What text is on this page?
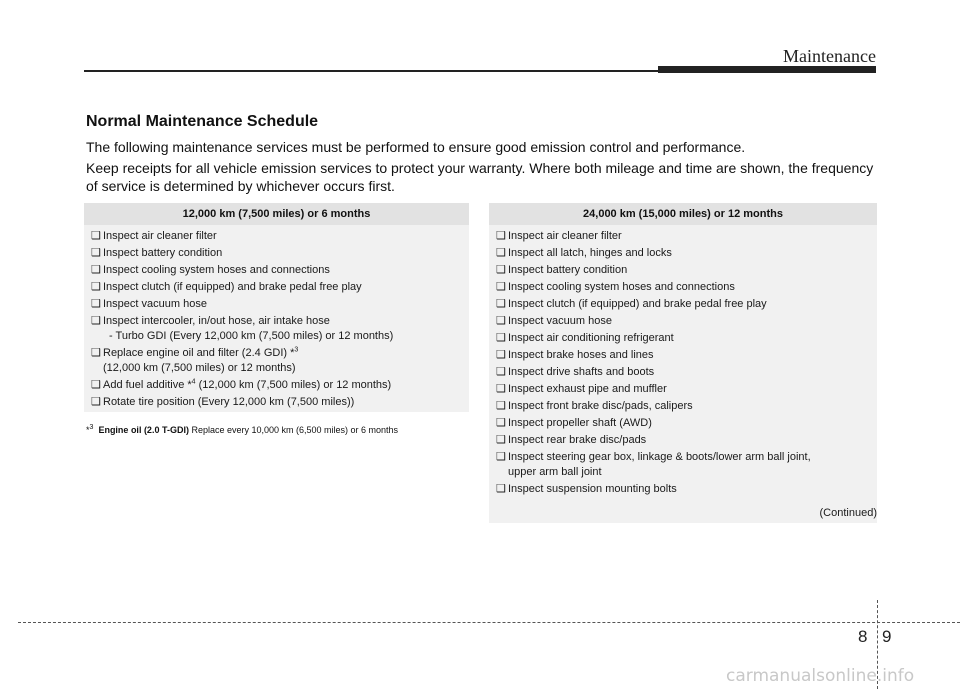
Maintenance
Normal Maintenance Schedule
The following maintenance services must be performed to ensure good emission control and performance.
Keep receipts for all vehicle emission services to protect your warranty. Where both mileage and time are shown, the frequency of service is determined by whichever occurs first.
12,000 km (7,500 miles) or 6 months
❑ Inspect air cleaner filter
❑ Inspect battery condition
❑ Inspect cooling system hoses and connections
❑ Inspect clutch (if equipped) and brake pedal free play
❑ Inspect vacuum hose
❑ Inspect intercooler, in/out hose, air intake hose
- Turbo GDI (Every 12,000 km (7,500 miles) or 12 months)
❑ Replace engine oil and filter (2.4 GDI) *$^3$
(12,000 km (7,500 miles) or 12 months)
❑ Add fuel additive *$^4$ (12,000 km (7,500 miles) or 12 months)
❑ Rotate tire position (Every 12,000 km (7,500 miles))
*$^3$ Engine oil (2.0 T-GDI) Replace every 10,000 km (6,500 miles) or 6 months
24,000 km (15,000 miles) or 12 months
❑ Inspect air cleaner filter
❑ Inspect all latch, hinges and locks
❑ Inspect battery condition
❑ Inspect cooling system hoses and connections
❑ Inspect clutch (if equipped) and brake pedal free play
❑ Inspect vacuum hose
❑ Inspect air conditioning refrigerant
❑ Inspect brake hoses and lines
❑ Inspect drive shafts and boots
❑ Inspect exhaust pipe and muffler
❑ Inspect front brake disc/pads, calipers
❑ Inspect propeller shaft (AWD)
❑ Inspect rear brake disc/pads
❑ Inspect steering gear box, linkage & boots/lower arm ball joint,
upper arm ball joint
❑ Inspect suspension mounting bolts
(Continued)
8 9
carmanualsonline.info
